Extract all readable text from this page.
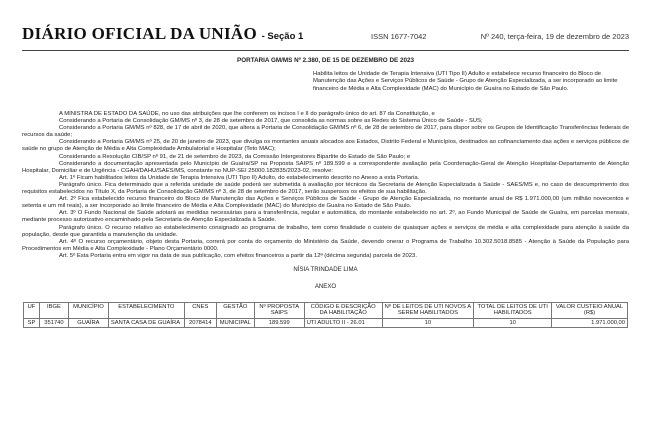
DIÁRIO OFICIAL DA UNIÃO - Seção 1	ISSN 1677-7042	Nº 240, terça-feira, 19 de dezembro de 2023
PORTARIA GM/MS Nº 2.380, DE 15 DE DEZEMBRO DE 2023
Habilita leitos de Unidade de Terapia Intensiva (UTI Tipo II) Adulto e estabelece recurso financeiro do Bloco de Manutenção das Ações e Serviços Públicos de Saúde - Grupo de Atenção Especializada, a ser incorporado ao limite financeiro de Média e Alta Complexidade (MAC) do Município de Guaíra no Estado de São Paulo.

A MINISTRA DE ESTADO DA SAÚDE, no uso das atribuições que lhe conferem os incisos I e II do parágrafo único do art. 87 da Constituição, e

Considerando a Portaria de Consolidação GM/MS nº 3, de 28 de setembro de 2017, que consolida as normas sobre as Redes do Sistema Único de Saúde - SUS;

Considerando a Portaria GM/MS nº 828, de 17 de abril de 2020, que altera a Portaria de Consolidação GM/MS nº 6, de 28 de setembro de 2017, para dispor sobre os Grupos de Identificação Transferências federais de recursos da saúde;

Considerando a Portaria GM/MS nº 25, de 20 de janeiro de 2023, que divulga os montantes anuais alocados aos Estados, Distrito Federal e Municípios, destinados ao cofinanciamento das ações e serviços públicos de saúde no grupo de Atenção de Média e Alta Complexidade Ambulatorial e Hospitalar (Teto MAC);

Considerando a Resolução CIB/SP nº 91, de 21 de setembro de 2023, da Comissão Intergestores Bipartite do Estado de São Paulo; e

Considerando a documentação apresentada pelo Município de Guaíra/SP na Proposta SAIPS nº 189.599 e a correspondente avaliação pela Coordenação-Geral de Atenção Hospitalar-Departamento de Atenção Hospitalar, Domiciliar e de Urgência - CGAH/DAHU/SAES/MS, constante no NUP-SEI 25000.182835/2023-02, resolve:

Art. 1º Ficam habilitados leitos da Unidade de Terapia Intensiva (UTI Tipo II) Adulto, do estabelecimento descrito no Anexo a esta Portaria.

Parágrafo único. Fica determinado que a referida unidade de saúde poderá ser submetida à avaliação por técnicos da Secretaria de Atenção Especializada à Saúde - SAES/MS e, no caso de descumprimento dos requisitos estabelecidos no Título X, da Portaria de Consolidação GM/MS nº 3, de 28 de setembro de 2017, serão suspensos os efeitos de sua habilitação.

Art. 2º Fica estabelecido recurso financeiro do Bloco de Manutenção das Ações e Serviços Públicos de Saúde - Grupo de Atenção Especializada, no montante anual de R$ 1.971.000,00 (um milhão novecentos e setenta e um mil reais), a ser incorporado ao limite financeiro de Média e Alta Complexidade (MAC) do Município de Guaíra no Estado de São Paulo.

Art. 3º O Fundo Nacional de Saúde adotará as medidas necessárias para a transferência, regular e automática, do montante estabelecido no art. 2º, ao Fundo Municipal de Saúde de Guaíra, em parcelas mensais, mediante processo autorizativo encaminhado pela Secretaria de Atenção Especializada à Saúde.

Parágrafo único. O recurso relativo ao estabelecimento consignado ao programa de trabalho, tem como finalidade o custeio de quaisquer ações e serviços de média e alta complexidade para atenção à saúde da população, desde que garantida a manutenção da unidade.

Art. 4º O recurso orçamentário, objeto desta Portaria, correrá por conta do orçamento do Ministério da Saúde, devendo onerar o Programa de Trabalho 10.302.5018.8585 - Atenção à Saúde da População para Procedimentos em Média e Alta Complexidade - Plano Orçamentário 0000.

Art. 5º Esta Portaria entra em vigor na data de sua publicação, com efeitos financeiros a partir da 12ª (décima segunda) parcela de 2023.

NÍSIA TRINDADE LIMA
ANEXO
UF	IBGE	MUNICÍPIO	ESTABELECIMENTO	CNES	GESTÃO	Nº PROPOSTA SAIPS	CÓDIGO E DESCRIÇÃO DA HABILITAÇÃO	Nº DE LEITOS DE UTI NOVOS A SEREM HABILITADOS	TOTAL DE LEITOS DE UTI HABILITADOS	VALOR CUSTEIO ANUAL (R$)
SP	351740	GUAÍRA	SANTA CASA DE GUAÍRA	2078414	MUNICIPAL	189.599	UTI ADULTO II - 26.01	10	10	1.971.000,00
